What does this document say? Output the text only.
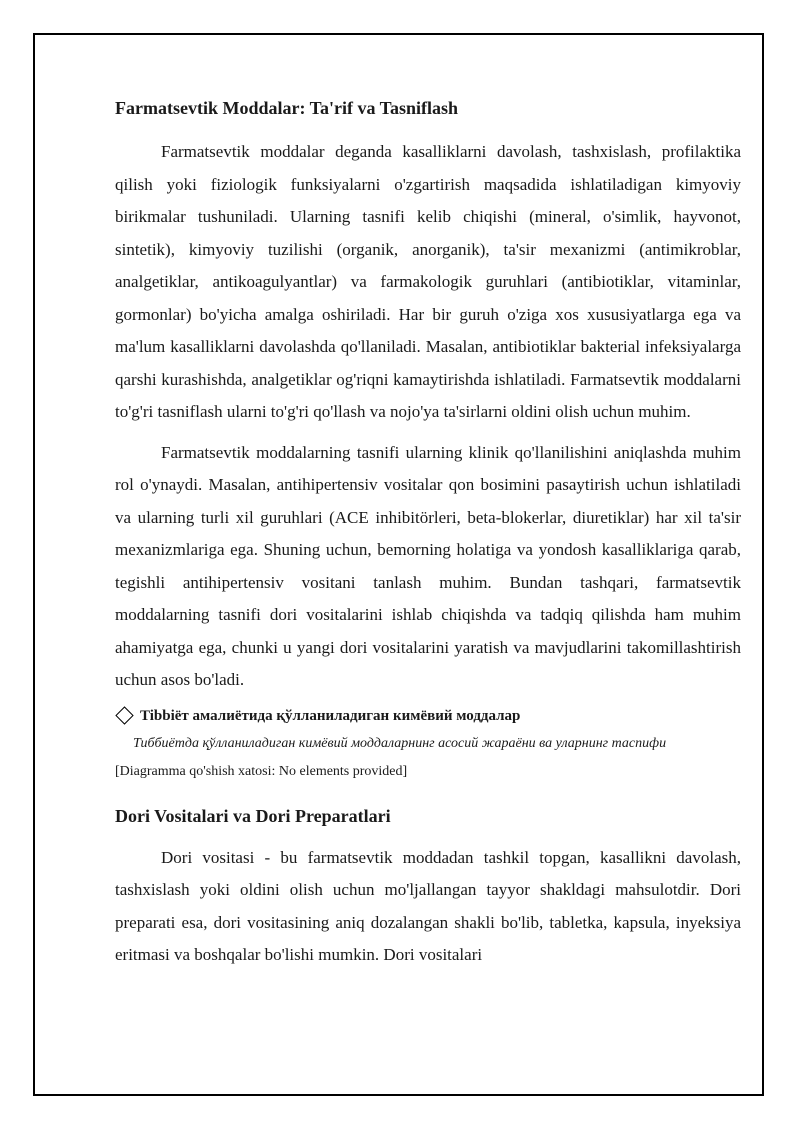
Farmatsevtik Moddalar: Ta'rif va Tasniflash

Farmatsevtik moddalar deganda kasalliklarni davolash, tashxislash, profilaktika qilish yoki fiziologik funksiyalarni o'zgartirish maqsadida ishlatiladigan kimyoviy birikmalar tushuniladi. Ularning tasnifi kelib chiqishi (mineral, o'simlik, hayvonot, sintetik), kimyoviy tuzilishi (organik, anorganik), ta'sir mexanizmi (antimikroblar, analgetiklar, antikoagulyantlar) va farmakologik guruhlari (antibiotiklar, vitaminlar, gormonlar) bo'yicha amalga oshiriladi. Har bir guruh o'ziga xos xususiyatlarga ega va ma'lum kasalliklarni davolashda qo'llaniladi. Masalan, antibiotiklar bakterial infeksiyalarga qarshi kurashishda, analgetiklar og'riqni kamaytirishda ishlatiladi. Farmatsevtik moddalarni to'g'ri tasniflash ularni to'g'ri qo'llash va nojo'ya ta'sirlarni oldini olish uchun muhim.

Farmatsevtik moddalarning tasnifi ularning klinik qo'llanilishini aniqlashda muhim rol o'ynaydi. Masalan, antihipertensiv vositalar qon bosimini pasaytirish uchun ishlatiladi va ularning turli xil guruhlari (ACE inhibitörleri, beta-blokerlar, diuretiklar) har xil ta'sir mexanizmlariga ega. Shuning uchun, bemorning holatiga va yondosh kasalliklariga qarab, tegishli antihipertensiv vositani tanlash muhim. Bundan tashqari, farmatsevtik moddalarning tasnifi dori vositalarini ishlab chiqishda va tadqiq qilishda ham muhim ahamiyatga ega, chunki u yangi dori vositalarini yaratish va mavjudlarini takomillashtirish uchun asos bo'ladi.

Tibbiёт амалиётида қўлланиладиган кимёвий моддалар
Тиббиётда қўлланиладиган кимёвий моддаларнинг асосий жараёни ва уларнинг тасnифи
[Diagramma qo'shish xatosi: No elements provided]
Dori Vositalari va Dori Preparatlari

Dori vositasi - bu farmatsevtik moddadan tashkil topgan, kasallikni davolash, tashxislash yoki oldini olish uchun mo'ljallangan tayyor shakldagi mahsulotdir. Dori preparati esa, dori vositasining aniq dozalangan shakli bo'lib, tabletka, kapsula, inyeksiya eritmasi va boshqalar bo'lishi mumkin. Dori vositalari
